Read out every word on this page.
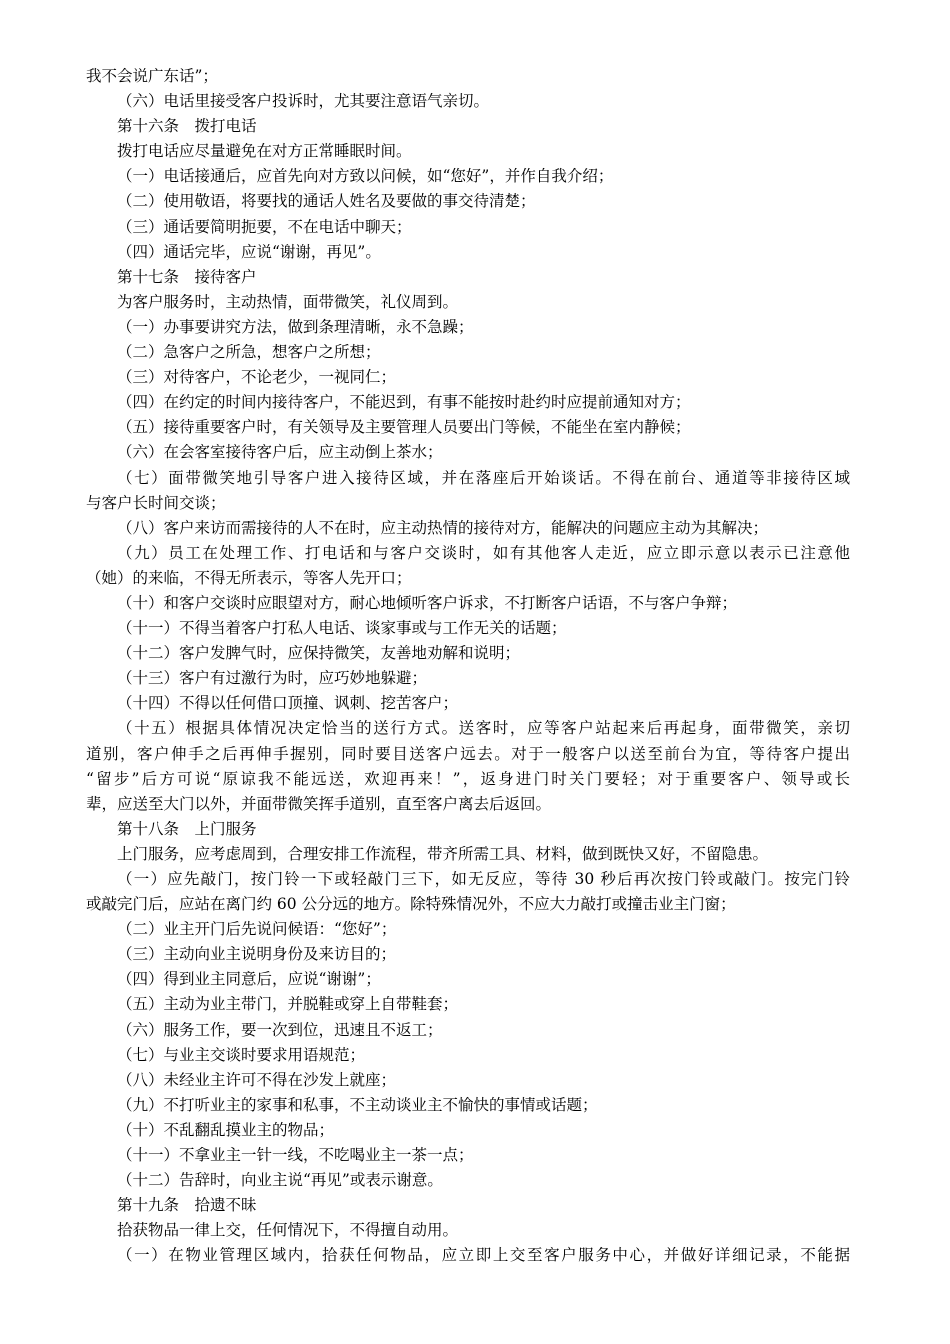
我不会说广东话”；
（六）电话里接受客户投诉时，尤其要注意语气亲切。
第十六条　拨打电话
拨打电话应尽量避免在对方正常睡眠时间。
（一）电话接通后，应首先向对方致以问候，如“您好”，并作自我介绍；
（二）使用敬语，将要找的通话人姓名及要做的事交待清楚；
（三）通话要简明扼要，不在电话中聊天；
（四）通话完毕，应说“谢谢，再见”。
第十七条　接待客户
为客户服务时，主动热情，面带微笑，礼仪周到。
（一）办事要讲究方法，做到条理清晰，永不急躁；
（二）急客户之所急，想客户之所想；
（三）对待客户，不论老少，一视同仁；
（四）在约定的时间内接待客户，不能迟到，有事不能按时赴约时应提前通知对方；
（五）接待重要客户时，有关领导及主要管理人员要出门等候，不能坐在室内静候；
（六）在会客室接待客户后，应主动倒上茶水；
（七）面带微笑地引导客户进入接待区域，并在落座后开始谈话。不得在前台、通道等非接待区域
与客户长时间交谈；
（八）客户来访而需接待的人不在时，应主动热情的接待对方，能解决的问题应主动为其解决；
（九）员工在处理工作、打电话和与客户交谈时，如有其他客人走近，应立即示意以表示已注意他
（她）的来临，不得无所表示，等客人先开口；
（十）和客户交谈时应眼望对方，耐心地倾听客户诉求，不打断客户话语，不与客户争辩；
（十一）不得当着客户打私人电话、谈家事或与工作无关的话题；
（十二）客户发脾气时，应保持微笑，友善地劝解和说明；
（十三）客户有过激行为时，应巧妙地躲避；
（十四）不得以任何借口顶撞、讽刺、挖苦客户；
（十五）根据具体情况决定恰当的送行方式。送客时，应等客户站起来后再起身，面带微笑，亲切
道别，客户伸手之后再伸手握别，同时要目送客户远去。对于一般客户以送至前台为宜，等待客户提出
“留步”后方可说“原谅我不能远送，欢迎再来！”，返身进门时关门要轻；对于重要客户、领导或长
辈，应送至大门以外，并面带微笑挥手道别，直至客户离去后返回。
第十八条　上门服务
上门服务，应考虑周到，合理安排工作流程，带齐所需工具、材料，做到既快又好，不留隐患。
（一）应先敲门，按门铃一下或轻敲门三下，如无反应，等待 30 秒后再次按门铃或敲门。按完门铃
或敲完门后，应站在离门约 60 公分远的地方。除特殊情况外，不应大力敲打或撞击业主门窗；
（二）业主开门后先说问候语：“您好”；
（三）主动向业主说明身份及来访目的；
（四）得到业主同意后，应说“谢谢”；
（五）主动为业主带门，并脱鞋或穿上自带鞋套；
（六）服务工作，要一次到位，迅速且不返工；
（七）与业主交谈时要求用语规范；
（八）未经业主许可不得在沙发上就座；
（九）不打听业主的家事和私事，不主动谈业主不愉快的事情或话题；
（十）不乱翻乱摸业主的物品；
（十一）不拿业主一针一线，不吃喝业主一茶一点；
（十二）告辞时，向业主说“再见”或表示谢意。
第十九条　拾遗不昧
拾获物品一律上交，任何情况下，不得擅自动用。
（一）在物业管理区域内，拾获任何物品，应立即上交至客户服务中心，并做好详细记录，不能据
